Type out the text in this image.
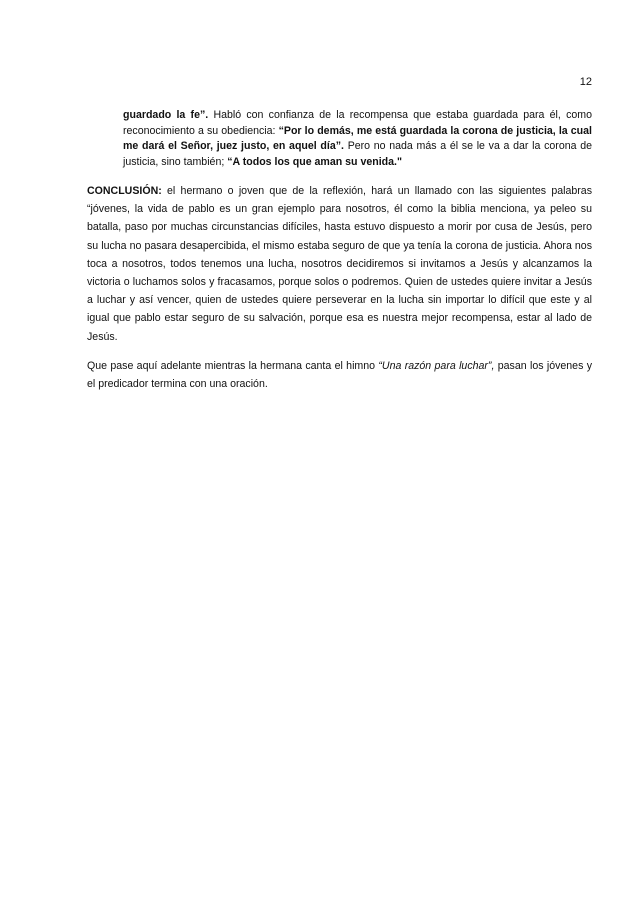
12

guardado la fe”. Habló con confianza de la recompensa que estaba guardada para él, como reconocimiento a su obediencia: “Por lo demás, me está guardada la corona de justicia, la cual me dará el Señor, juez justo, en aquel día”. Pero no nada más a él se le va a dar la corona de justicia, sino también; “A todos los que aman su venida."

CONCLUSIÓN: el hermano o joven que de la reflexión, hará un llamado con las siguientes palabras “jóvenes, la vida de pablo es un gran ejemplo para nosotros, él como la biblia menciona, ya peleo su batalla, paso por muchas circunstancias difíciles, hasta estuvo dispuesto a morir por cusa de Jesús, pero su lucha no pasara desapercibida, el mismo estaba seguro de que ya tenía la corona de justicia. Ahora nos toca a nosotros, todos tenemos una lucha, nosotros decidiremos si invitamos a Jesús y alcanzamos la victoria o luchamos solos y fracasamos, porque solos o podremos. Quien de ustedes quiere invitar a Jesús a luchar y así vencer, quien de ustedes quiere perseverar en la lucha sin importar lo difícil que este y al igual que pablo estar seguro de su salvación, porque esa es nuestra mejor recompensa, estar al lado de Jesús.

Que pase aquí adelante mientras la hermana canta el himno “Una razón para luchar”, pasan los jóvenes y el predicador termina con una oración.
